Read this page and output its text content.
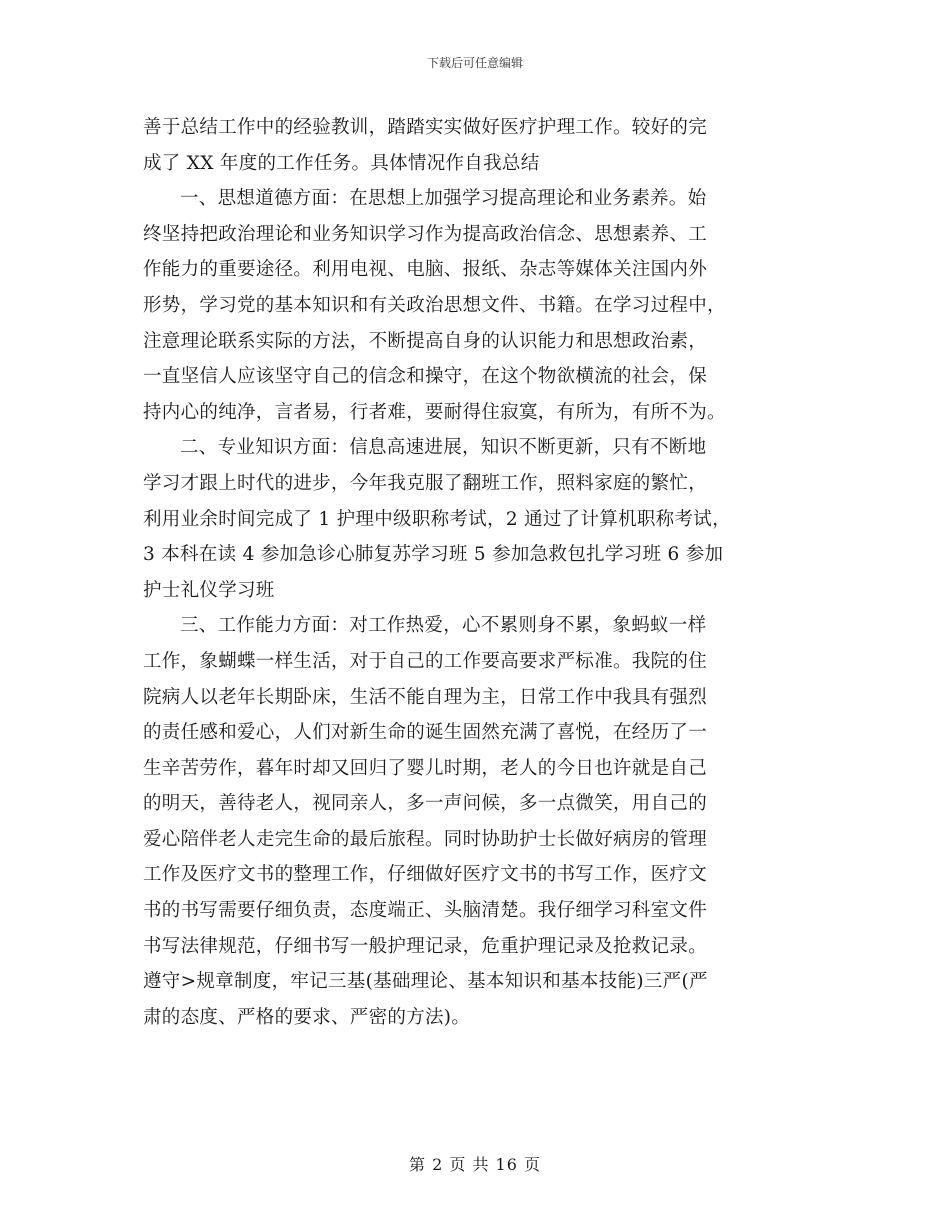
下载后可任意编辑
善于总结工作中的经验教训，踏踏实实做好医疗护理工作。较好的完
成了 XX 年度的工作任务。具体情况作自我总结
一、思想道德方面：在思想上加强学习提高理论和业务素养。始
终坚持把政治理论和业务知识学习作为提高政治信念、思想素养、工
作能力的重要途径。利用电视、电脑、报纸、杂志等媒体关注国内外
形势，学习党的基本知识和有关政治思想文件、书籍。在学习过程中，
注意理论联系实际的方法，不断提高自身的认识能力和思想政治素，
一直坚信人应该坚守自己的信念和操守，在这个物欲横流的社会，保
持内心的纯净，言者易，行者难，要耐得住寂寞，有所为，有所不为。
二、专业知识方面：信息高速进展，知识不断更新，只有不断地
学习才跟上时代的进步，今年我克服了翻班工作，照料家庭的繁忙，
利用业余时间完成了 1 护理中级职称考试，2 通过了计算机职称考试，
3 本科在读 4 参加急诊心肺复苏学习班 5 参加急救包扎学习班 6 参加
护士礼仪学习班
三、工作能力方面：对工作热爱，心不累则身不累，象蚂蚁一样
工作，象蝴蝶一样生活，对于自己的工作要高要求严标准。我院的住
院病人以老年长期卧床，生活不能自理为主，日常工作中我具有强烈
的责任感和爱心，人们对新生命的诞生固然充满了喜悦，在经历了一
生辛苦劳作，暮年时却又回归了婴儿时期，老人的今日也许就是自己
的明天，善待老人，视同亲人，多一声问候，多一点微笑，用自己的
爱心陪伴老人走完生命的最后旅程。同时协助护士长做好病房的管理
工作及医疗文书的整理工作，仔细做好医疗文书的书写工作，医疗文
书的书写需要仔细负责，态度端正、头脑清楚。我仔细学习科室文件
书写法律规范，仔细书写一般护理记录，危重护理记录及抢救记录。
遵守>规章制度，牢记三基(基础理论、基本知识和基本技能)三严(严
肃的态度、严格的要求、严密的方法)。
第 2 页 共 16 页
